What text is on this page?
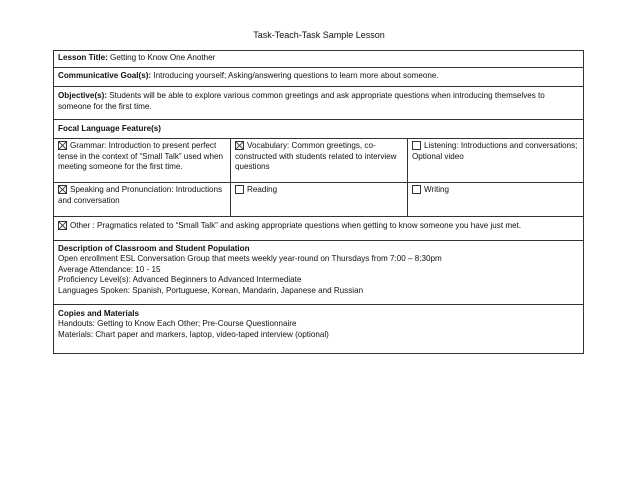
Task-Teach-Task Sample Lesson
Lesson Title: Getting to Know One Another
Communicative Goal(s): Introducing yourself; Asking/answering questions to learn more about someone.
Objective(s): Students will be able to explore various common greetings and ask appropriate questions when introducing themselves to someone for the first time.
Focal Language Feature(s)
Grammar: Introduction to present perfect tense in the context of “Small Talk” used when meeting someone for the first time.
Vocabulary: Common greetings, co-constructed with students related to interview questions
Listening: Introductions and conversations; Optional video
Speaking and Pronunciation: Introductions and conversation
Reading	Writing
Other : Pragmatics related to “Small Talk” and asking appropriate questions when getting to know someone you have just met.
Description of Classroom and Student Population
Open enrollment ESL Conversation Group that meets weekly year-round on Thursdays from 7:00 – 8:30pm
Average Attendance: 10 - 15
Proficiency Level(s): Advanced Beginners to Advanced Intermediate
Languages Spoken: Spanish, Portuguese, Korean, Mandarin, Japanese and Russian
Copies and Materials
Handouts: Getting to Know Each Other; Pre-Course Questionnaire
Materials: Chart paper and markers, laptop, video-taped interview (optional)
